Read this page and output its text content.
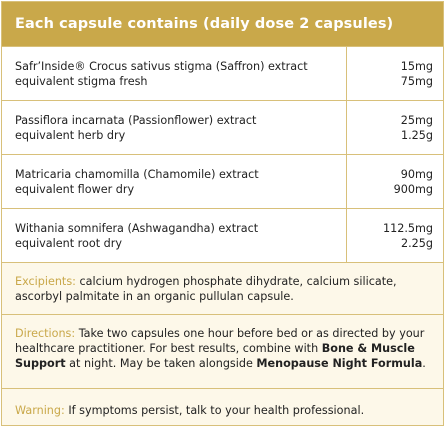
Each capsule contains (daily dose 2 capsules)
Safr’Inside® Crocus sativus stigma (Saffron) extract
equivalent stigma fresh
15mg
75mg
Passiflora incarnata (Passionflower) extract
equivalent herb dry
25mg
1.25g
Matricaria chamomilla (Chamomile) extract
equivalent flower dry
90mg
900mg
Withania somnifera (Ashwagandha) extract
equivalent root dry
112.5mg
2.25g
Excipients: calcium hydrogen phosphate dihydrate, calcium silicate, ascorbyl palmitate in an organic pullulan capsule.
Directions: Take two capsules one hour before bed or as directed by your healthcare practitioner. For best results, combine with Bone & Muscle Support at night. May be taken alongside Menopause Night Formula.
Warning: If symptoms persist, talk to your health professional.
